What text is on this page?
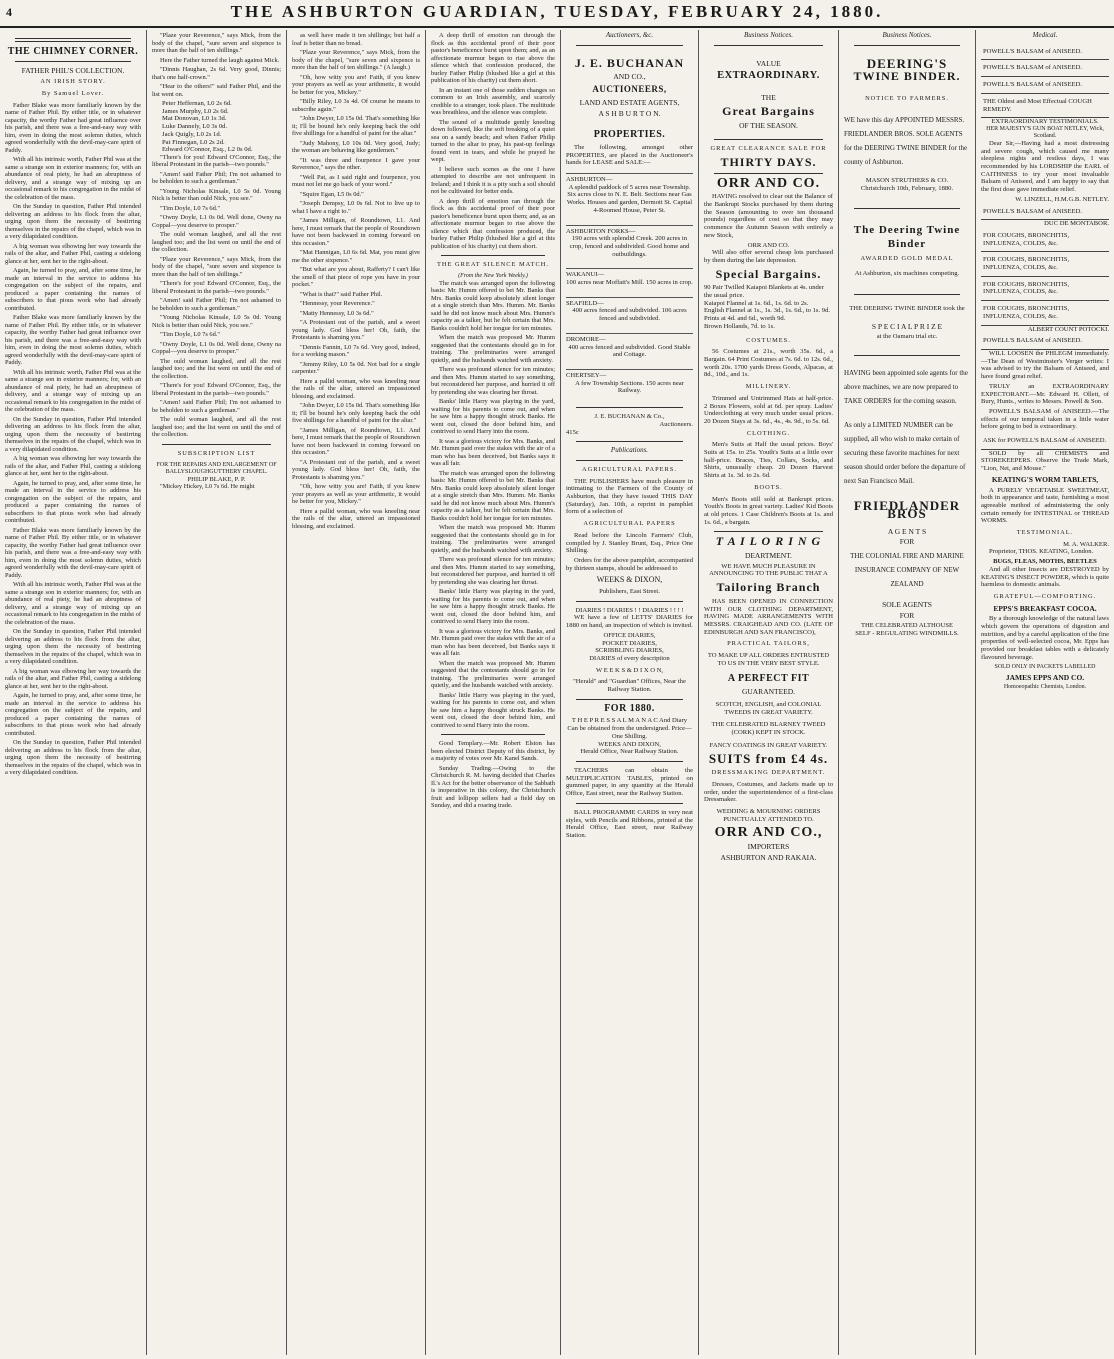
4	THE ASHBURTON GUARDIAN, TUESDAY, FEBRUARY 24, 1880.
THE CHIMNEY CORNER.
FATHER PHIL'S COLLECTION.
AN IRISH STORY.
By Samuel Lover.

Father Blake was more familiarly known by the name of Father Phil. By either title, or in whatever capacity, the worthy Father had great influence over his parish, and there was a free-and-easy way with him, even in doing the most solemn duties, which agreed wonderfully with the devil-may-care spirit of Paddy.

With all his intrinsic worth, Father Phil was at the same a strange son in exterior manners; for, with an abundance of real piety, he had an abruptness of delivery, and a strange way of mixing up an occasional remark to his congregation in the midst of the celebration of the mass.

On the Sunday in question, Father Phil intended delivering an address to his flock from the altar, urging upon them the necessity of bestirring themselves in the repairs of the chapel, which was in a very dilapidated condition.

A big woman was elbowing her way towards the rails of the altar, and Father Phil, casting a sidelong glance at her, sent her to the right-about.

Again, he turned to pray, and, after some time, he made an interval in the service to address his congregation on the subject of the repairs, and produced a paper containing the names of subscribers to that pious work who had already contributed.

Father Blake was more familiarly known by the name of Father Phil. By either title, or in whatever capacity, the worthy Father had great influence over his parish, and there was a free-and-easy way with him, even in doing the most solemn duties, which agreed wonderfully with the devil-may-care spirit of Paddy.

With all his intrinsic worth, Father Phil was at the same a strange son in exterior manners; for, with an abundance of real piety, he had an abruptness of delivery, and a strange way of mixing up an occasional remark to his congregation in the midst of the celebration of the mass.

On the Sunday in question, Father Phil intended delivering an address to his flock from the altar, urging upon them the necessity of bestirring themselves in the repairs of the chapel, which was in a very dilapidated condition.

A big woman was elbowing her way towards the rails of the altar, and Father Phil, casting a sidelong glance at her, sent her to the right-about.

Again, he turned to pray, and, after some time, he made an interval in the service to address his congregation on the subject of the repairs, and produced a paper containing the names of subscribers to that pious work who had already contributed.

Father Blake was more familiarly known by the name of Father Phil. By either title, or in whatever capacity, the worthy Father had great influence over his parish, and there was a free-and-easy way with him, even in doing the most solemn duties, which agreed wonderfully with the devil-may-care spirit of Paddy.

With all his intrinsic worth, Father Phil was at the same a strange son in exterior manners; for, with an abundance of real piety, he had an abruptness of delivery, and a strange way of mixing up an occasional remark to his congregation in the midst of the celebration of the mass.

On the Sunday in question, Father Phil intended delivering an address to his flock from the altar, urging upon them the necessity of bestirring themselves in the repairs of the chapel, which was in a very dilapidated condition.

A big woman was elbowing her way towards the rails of the altar, and Father Phil, casting a sidelong glance at her, sent her to the right-about.

Again, he turned to pray, and, after some time, he made an interval in the service to address his congregation on the subject of the repairs, and produced a paper containing the names of subscribers to that pious work who had already contributed.

On the Sunday in question, Father Phil intended delivering an address to his flock from the altar, urging upon them the necessity of bestirring themselves in the repairs of the chapel, which was in a very dilapidated condition.

"Plaze your Reverence," says Mick, from the body of the chapel, "sure seven and sixpence is more than the half of ten shillings."

Here the Father turned the laugh against Mick.

"Dinnis Haughan, 2s 6d. Very good, Dinnis; that's one half-crown."

"Hear to the others!" said Father Phil, and the list went on.

Peter Heffernan, L0 2s 6d.
James Murphy, L0 2s 6d.
Mat Donovan, L0 1s 3d.
Luke Dannely, L0 3s 0d.
Jack Quigly, L0 2s 1d.
Pat Finnegan, L0 2s 2d.
Edward O'Connor, Esq., L2 0s 0d.

"There's for you! Edward O'Connor, Esq., the liberal Protestant in the parish—two pounds."

"Amen! said Father Phil; I'm not ashamed to be beholden to such a gentleman."

"Young Nicholas Kinsale, L0 5s 0d. Young Nick is better than ould Nick, you see."

"Tim Doyle, L0 7s 6d."

"Owny Doyle, L1 0s 0d. Well done, Owny na Coppal—you deserve to prosper."

The ould woman laughed, and all the rest laughed too; and the list went on until the end of the collection.

"Plaze your Reverence," says Mick, from the body of the chapel, "sure seven and sixpence is more than the half of ten shillings."

"There's for you! Edward O'Connor, Esq., the liberal Protestant in the parish—two pounds."

"Amen! said Father Phil; I'm not ashamed to be beholden to such a gentleman."

"Young Nicholas Kinsale, L0 5s 0d. Young Nick is better than ould Nick, you see."

"Tim Doyle, L0 7s 6d."

"Owny Doyle, L1 0s 0d. Well done, Owny na Coppal—you deserve to prosper."

The ould woman laughed, and all the rest laughed too; and the list went on until the end of the collection.

"There's for you! Edward O'Connor, Esq., the liberal Protestant in the parish—two pounds."

"Amen! said Father Phil; I'm not ashamed to be beholden to such a gentleman."

The ould woman laughed, and all the rest laughed too; and the list went on until the end of the collection.

SUBSCRIPTION LIST
FOR THE REPAIRS AND ENLARGEMENT OF BALLYSLOUGHGUTTHERY CHAPEL.
PHILIP BLAKE, P. P.

"Mickey Hickey, L0 7s 6d. He might

as well have made it ten shillings; but half a loaf is better than no bread.

"Plaze your Reverence," says Mick, from the body of the chapel, "sure seven and sixpence is more than the half of ten shillings." (A laugh.)

"Oh, how witty you are! Faith, if you knew your prayers as well as your arithmetic, it would be better for you, Mickey."

"Billy Riley, L0 3s 4d. Of course he means to subscribe again."

"John Dwyer, L0 15s 0d. That's something like it; I'll be bound he's only keeping back the odd five shillings for a handful of paint for the altar."

"Judy Mahony, L0 10s 0d. Very good, Judy; the woman are behaving like gentlemen."

"It was three and fourpence I gave your Reverence," says the other.

"Well Pat, as I said right and fourpence, you must not let me go back of your word."

"Squire Egan, L5 0s 0d."

"Joseph Dempsy, L0 0s 6d. Not to live up to what I have a right to."

"James Milligan, of Roundtown, L1. And here, I must remark that the people of Roundtown have not been backward in coming forward on this occasion."

"Mat Hannigan, L0 6s 6d. Mat, you must give me the other sixpence."

"But what are you about, Rafferty? I can't like the smell of that piece of rope you have in your pocket."

"What is that?" said Father Phil.

"Hennessy, your Reverence."

"Matty Hennessy, L0 3s 6d."

"A Protestant out of the parish, and a sweet young lady. God bless her! Oh, faith, the Protestants is shaming you."

"Dennis Fannin, L0 7s 6d. Very good, indeed, for a working mason."

"Jemmy Riley, L0 5s 0d. Not bad for a single carpenter."

Here a pallid woman, who was kneeling near the rails of the altar, uttered an impassioned blessing, and exclaimed.

"John Dwyer, L0 15s 0d. That's something like it; I'll be bound he's only keeping back the odd five shillings for a handful of paint for the altar."

"James Milligan, of Roundtown, L1. And here, I must remark that the people of Roundtown have not been backward in coming forward on this occasion."

"A Protestant out of the parish, and a sweet young lady. God bless her! Oh, faith, the Protestants is shaming you."

"Oh, how witty you are! Faith, if you knew your prayers as well as your arithmetic, it would be better for you, Mickey."

Here a pallid woman, who was kneeling near the rails of the altar, uttered an impassioned blessing, and exclaimed.

A deep thrill of emotion ran through the flock as this accidental proof of their poor pastor's beneficence burst upon them; and, as an affectionate murmur began to rise above the silence which that confession produced, the burley Father Philip (blushed like a girl at this publication of his charity) cut them short.

In an instant one of those sudden changes so common to an Irish assembly, and scarcely credible to a stranger, took place. The multitude was breathless, and the silence was complete.

The sound of a multitude gently kneeling down followed, like the soft breaking of a quiet sea on a sandy beach; and when Father Philip turned to the altar to pray, his past-up feelings found vent in tears, and while he prayed he wept.

I believe such scenes as the one I have attempted to describe are not unfrequent in Ireland; and I think it is a pity such a soil should not be cultivated for better ends.

A deep thrill of emotion ran through the flock as this accidental proof of their poor pastor's beneficence burst upon them; and, as an affectionate murmur began to rise above the silence which that confession produced, the burley Father Philip (blushed like a girl at this publication of his charity) cut them short.

THE GREAT SILENCE MATCH.
(From the New York Weekly.)

The match was arranged upon the following basis: Mr. Humm offered to bet Mr. Banks that Mrs. Banks could keep absolutely silent longer at a single stretch than Mrs. Humm. Mr. Banks said he did not know much about Mrs. Humm's capacity as a talker, but he felt certain that Mrs. Banks couldn't hold her tongue for ten minutes.

When the match was proposed Mr. Humm suggested that the contestants should go in for training. The preliminaries were arranged quietly, and the husbands watched with anxiety.

There was profound silence for ten minutes; and then Mrs. Humm started to say something, but reconsidered her purpose, and hurried it off by pretending she was clearing her throat.

Banks' little Harry was playing in the yard, waiting for his parents to come out, and when he saw him a happy thought struck Banks. He went out, closed the door behind him, and contrived to send Harry into the room.

It was a glorious victory for Mrs. Banks, and Mr. Humm paid over the stakes with the air of a man who has been deceived, but Banks says it was all fair.

The match was arranged upon the following basis: Mr. Humm offered to bet Mr. Banks that Mrs. Banks could keep absolutely silent longer at a single stretch than Mrs. Humm. Mr. Banks said he did not know much about Mrs. Humm's capacity as a talker, but he felt certain that Mrs. Banks couldn't hold her tongue for ten minutes.

When the match was proposed Mr. Humm suggested that the contestants should go in for training. The preliminaries were arranged quietly, and the husbands watched with anxiety.

There was profound silence for ten minutes; and then Mrs. Humm started to say something, but reconsidered her purpose, and hurried it off by pretending she was clearing her throat.

Banks' little Harry was playing in the yard, waiting for his parents to come out, and when he saw him a happy thought struck Banks. He went out, closed the door behind him, and contrived to send Harry into the room.

It was a glorious victory for Mrs. Banks, and Mr. Humm paid over the stakes with the air of a man who has been deceived, but Banks says it was all fair.

When the match was proposed Mr. Humm suggested that the contestants should go in for training. The preliminaries were arranged quietly, and the husbands watched with anxiety.

Banks' little Harry was playing in the yard, waiting for his parents to come out, and when he saw him a happy thought struck Banks. He went out, closed the door behind him, and contrived to send Harry into the room.

Good Templary.—Mr. Robert Elston has been elected District Deputy of this district, by a majority of votes over Mr. Kanel Sands.

Sunday Trading.—Owing to the Christchurch R. M. having decided that Charles Il.'s Act for the better observance of the Sabbath is inoperative in this colony, the Christchurch fruit and lollipop sellers had a field day on Sunday, and did a roaring trade.

Auctioneers, &c.
J. E. BUCHANAN
AND CO.,
AUCTIONEERS,
LAND AND ESTATE AGENTS,
A S H B U R T O N.
PROPERTIES.

The following, amongst other PROPERTIES, are placed in the Auctioneer's hands for LEASE and SALE:—

ASHBURTON—
A splendid paddock of 5 acres near Township. Six acres close to N. E. Belt. Sections near Gas Works. Houses and garden, Dermott St. Capital 4-Roomed House, Peter St.
ASHBURTON FORKS—
190 acres with splendid Creek. 200 acres in crop, fenced and subdivided. Good home and outbuildings.
WAKANUI—
100 acres near Moffatt's Mill. 150 acres in crop.
SEAFIELD—
400 acres fenced and subdivided. 106 acres fenced and subdivided.
DROMORE—
400 acres fenced and subdivided. Good Stable and Cottage.
CHERTSEY—
A few Township Sections. 150 acres near Railway.
J. E. BUCHANAN & Co.,
Auctioneers.
415c
Publications.
AGRICULTURAL PAPERS.

THE PUBLISHERS have much pleasure in intimating to the Farmers of the County of Ashburton, that they have issued THIS DAY (Saturday), Jan. 10th, a reprint in pamphlet form of a selection of

AGRICULTURAL PAPERS

Read before the Lincoln Farmers' Club, compiled by J. Stanley Brunt, Esq., Price One Shilling.

Orders for the above pamphlet, accompanied by thirteen stamps, should be addressed to

WEEKS & DIXON,
Publishers, East Street.
DIARIES ! DIARIES ! ! DIARIES ! ! ! !

WE have a few of LETTS' DIARIES for 1880 on hand, an inspection of which is invited.

OFFICE DIARIES,
POCKET DIARIES,
SCRIBBLING DIARIES,
DIARIES of every description
W E E K S & D I X O N,
"Herald" and "Guardian" Offices, Near the Railway Station.
FOR 1880.
T H E P R E S S A L M A N A C And Diary
Can be obtained from the undersigned. Price—One Shilling.
WEEKS AND DIXON,
Herald Office, Near Railway Station.

TEACHERS can obtain the MULTIPLICATION TABLES, printed on gummed paper, in any quantity at the Herald Office, East street, near the Railway Station.

BALL PROGRAMME CARDS in very neat styles, with Pencils and Ribbons, printed at the Herald Office, East street, near Railway Station.

Business Notices.
VALUE
EXTRAORDINARY.
THE
Great Bargains
OF THE SEASON.
GREAT CLEARANCE SALE FOR
THIRTY DAYS.
ORR AND CO.

HAVING resolved to clear out the Balance of the Bankrupt Stocks purchased by them during the Season (amounting to over ten thousand pounds) regardless of cost so that they may commence the Autumn Season with entirely a new Stock,

ORR AND CO.

Will also offer several cheap lots purchased by them during the late depression.

Special Bargains.
90 Pair Twilled Kaiapoi Blankets at 4s. under the usual price.
Kaiapoi Flannel at 1s. 6d., 1s. 6d. to 2s.
English Flannel at 1s., 1s. 3d., 1s. 6d., to 1s. 9d.
Prints at 4d. and 6d., worth 9d.
Brown Hollands, 7d. to 1s.
COSTUMES.

56 Costumes at 21s., worth 35s. 6d., a Bargain. 64 Print Costumes at 7s. 6d. to 12s. 6d., worth 20s. 1700 yards Dress Goods, Alpacas, at 8d., 10d., and 1s.

MILLINERY.

Trimmed and Untrimmed Hats at half-price. 2 Boxes Flowers, sold at 6d. per spray. Ladies' Underclothing at very much under usual prices. 20 Dozen Stays at 3s. 6d., 4s., 4s. 9d., to 5s. 6d.

CLOTHING.

Men's Suits at Half the usual prices. Boys' Suits at 15s. to 25s. Youth's Suits at a little over half-price. Braces, Ties, Collars, Socks, and Shirts, unusually cheap. 20 Dozen Harvest Shirts at 1s. 3d. to 2s. 6d.

BOOTS.

Men's Boots still sold at Bankrupt prices. Youth's Boots in great variety. Ladies' Kid Boots at old prices. 1 Case Children's Boots at 1s. and 1s. 6d., a bargain.

T A I L O R I N G
DEARTMENT.
WE HAVE MUCH PLEASURE IN ANNOUNCING TO THE PUBLIC THAT A
Tailoring Branch

HAS BEEN OPENED IN CONNECTION WITH OUR CLOTHING DEPARTMENT, HAVING MADE ARRANGEMENTS WITH MESSRS. CRAIGHEAD AND CO. (LATE OF EDINBURGH AND SAN FRANCISCO),

PRACTICAL TAILORS,
TO MAKE UP ALL ORDERS ENTRUSTED TO US IN THE VERY BEST STYLE.
A PERFECT FIT
GUARANTEED.
SCOTCH, ENGLISH, and COLONIAL TWEEDS IN GREAT VARIETY.
THE CELEBRATED BLARNEY TWEED (CORK) KEPT IN STOCK.
FANCY COATINGS IN GREAT VARIETY.
SUITS from £4 4s.
DRESSMAKING DEPARTMENT.

Dresses, Costumes, and Jackets made up to order, under the superintendence of a first-class Dressmaker.

WEDDING & MOURNING ORDERS PUNCTUALLY ATTENDED TO.
ORR AND CO.,
IMPORTERS
ASHBURTON AND RAKAIA.
Business Notices.
DEERING'S
TWINE BINDER.
NOTICE TO FARMERS.
WE have this day APPOINTED MESSRS. FRIEDLANDER BROS. SOLE AGENTS for the DEERING TWINE BINDER for the county of Ashburton.
MASON STRUTHERS & CO.
Christchurch 10th, February, 1880.
The Deering Twine
Binder
AWARDED GOLD MEDAL
At Ashburton, six machines competing.
THE DEERING TWINE BINDER took the
S P E C I A L P R I Z E
at the Oamaru trial etc.
HAVING been appointed sole agents for the above machines, we are now prepared to TAKE ORDERS for the coming season.
As only a LIMITED NUMBER can be supplied, all who wish to make certain of securing these favorite machines for next season should order before the departure of next San Francisco Mail.
FRIEDLANDER BROS
A G E N T S
FOR
THE COLONIAL FIRE AND MARINE INSURANCE COMPANY OF NEW ZEALAND
SOLE AGENTS
FOR
THE CELEBRATED ALTHOUSE
SELF - REGULATING WINDMILLS.
Medical.
POWELL'S BALSAM of ANISEED.
POWELL'S BALSAM of ANISEED.
POWELL'S BALSAM of ANISEED.
THE Oldest and Most Effectual COUGH REMEDY.
EXTRAORDINARY TESTIMONIALS.
HER MAJESTY'S GUN BOAT NETLEY, Wick, Scotland.

Dear Sir,—Having had a most distressing and severe cough, which caused me many sleepless nights and restless days, I was recommended by his LORDSHIP the EARL of CAITHNESS to try your most invaluable Balsam of Aniseed, and I am happy to say that the first dose gave immediate relief.

W. LINZELL, H.M.G.B. NETLEY.
POWELL'S BALSAM of ANISEED.
DUC DE MONTABOR.
FOR COUGHS, BRONCHITIS, INFLUENZA, COLDS, &c.
FOR COUGHS, BRONCHITIS, INFLUENZA, COLDS, &c.
FOR COUGHS, BRONCHITIS, INFLUENZA, COLDS, &c.
FOR COUGHS, BRONCHITIS, INFLUENZA, COLDS, &c.
ALBERT COUNT POTOCKI.
POWELL'S BALSAM of ANISEED.

WILL LOOSEN the PHLEGM immediately.—The Dean of Westminster's Verger writes: I was advised to try the Balsam of Aniseed, and have found great relief.

TRULY an EXTRAORDINARY EXPECTORANT.—Mr. Edward H. Ollett, of Bury, Hunts., writes to Messrs. Powell & Son.

POWELL'S BALSAM of ANISEED.—The effects of our temporal taken in a little water before going to bed is extraordinary.

ASK for POWELL'S BALSAM of ANISEED.

SOLD by all CHEMISTS and STOREKEEPERS. Observe the Trade Mark, "Lion, Net, and Mouse."

KEATING'S WORM TABLETS,

A PURELY VEGETABLE SWEETMEAT, both in appearance and taste, furnishing a most agreeable method of administering the only certain remedy for INTESTINAL or THREAD WORMS.

TESTIMONIAL.
M. A. WALKER.

Proprietor, THOS. KEATING, London.

BUGS, FLEAS, MOTHS, BEETLES

And all other Insects are DESTROYED by KEATING'S INSECT POWDER, which is quite harmless to domestic animals.

GRATEFUL—COMFORTING.
EPPS'S BREAKFAST COCOA.

By a thorough knowledge of the natural laws which govern the operations of digestion and nutrition, and by a careful application of the fine properties of well-selected cocoa, Mr. Epps has provided our breakfast tables with a delicately flavoured beverage.

SOLD ONLY IN PACKETS LABELLED
JAMES EPPS AND CO.
Homoeopathic Chemists, London.
